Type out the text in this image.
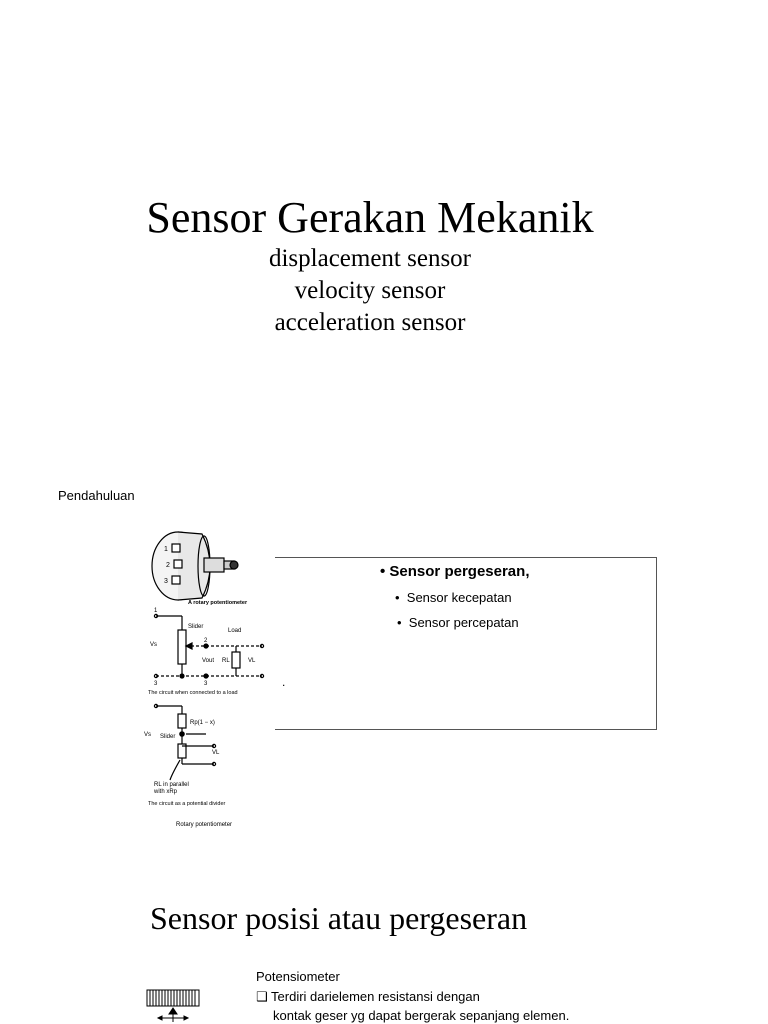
Sensor Gerakan Mekanik
displacement sensor
velocity sensor
acceleration sensor
Pendahuluan
1
2
3
A rotary potentiometer
1
Slider
2
Load
Vs
Vout RL	VL
3	3
The circuit when connected to a load
Rp(1 − x)
Vs Slider
VL
RL in parallel
with xRp
The circuit as a potential divider
Rotary potentiometer
• Sensor pergeseran,
•  Sensor kecepatan
•  Sensor percepatan
.
Sensor posisi atau pergeseran
Potensiometer
❑ Terdiri darielemen resistansi dengan
kontak geser yg dapat bergerak sepanjang elemen.
